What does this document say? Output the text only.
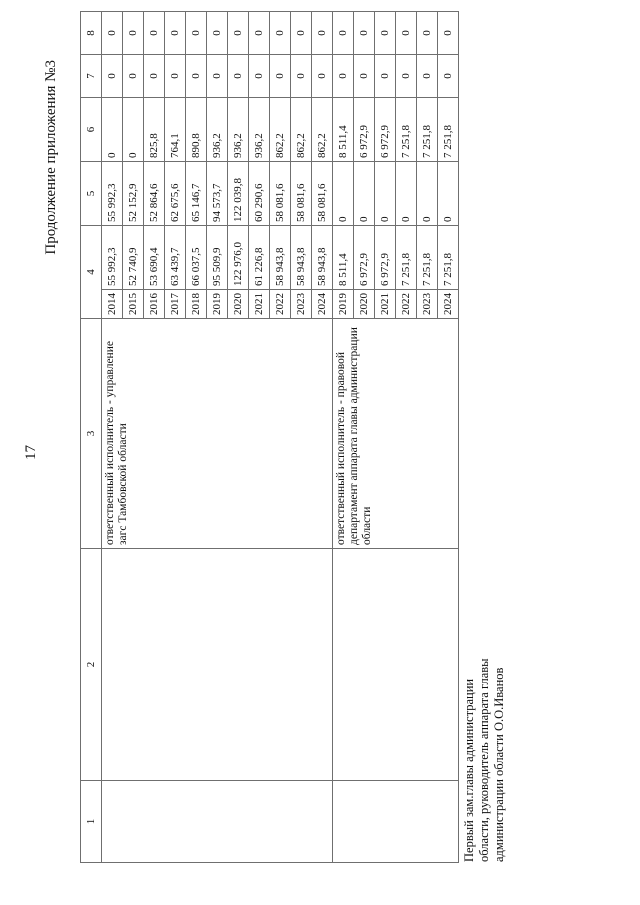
17
Продолжение приложения №3
1	2	3	4		5	6	7	8
		ответственный исполнитель - управление загс Тамбовской области	2014	55 992,3	55 992,3	0	0	0
			2015	52 740,9	52 152,9	0	0	0
			2016	53 690,4	52 864,6	825,8	0	0
			2017	63 439,7	62 675,6	764,1	0	0
			2018	66 037,5	65 146,7	890,8	0	0
			2019	95 509,9	94 573,7	936,2	0	0
			2020	122 976,0	122 039,8	936,2	0	0
			2021	61 226,8	60 290,6	936,2	0	0
			2022	58 943,8	58 081,6	862,2	0	0
			2023	58 943,8	58 081,6	862,2	0	0
			2024	58 943,8	58 081,6	862,2	0	0
		ответственный исполнитель - правовой департамент аппарата главы администрации области	2019	8 511,4	0	8 511,4	0	0
			2020	6 972,9	0	6 972,9	0	0
			2021	6 972,9	0	6 972,9	0	0
			2022	7 251,8	0	7 251,8	0	0
			2023	7 251,8	0	7 251,8	0	0
			2024	7 251,8	0	7 251,8	0	0
Первый зам.главы администрации области, руководитель аппарата главы администрации области О.О.Иванов
